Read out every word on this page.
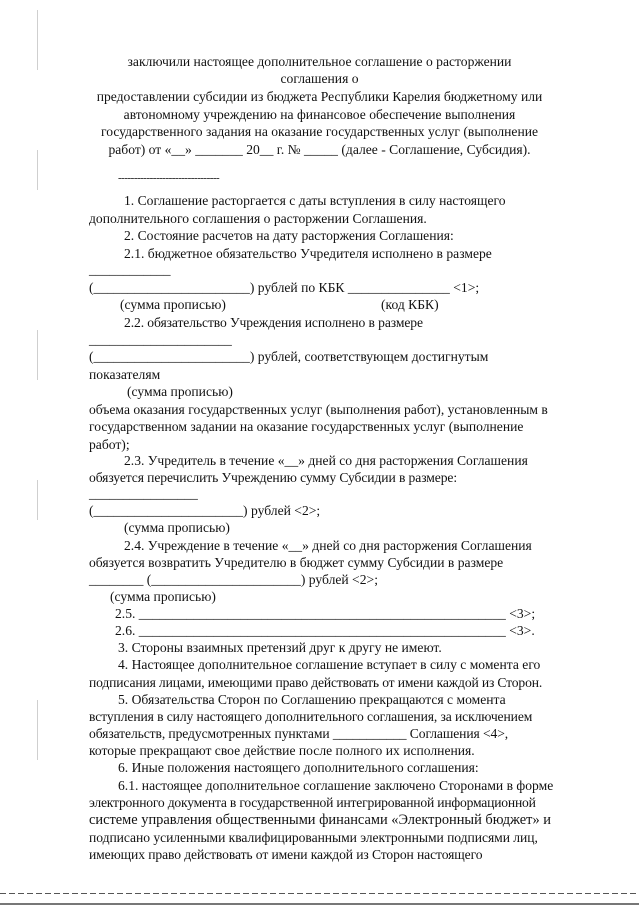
заключили настоящее дополнительное соглашение о расторжении
соглашения о
предоставлении субсидии из бюджета Республики Карелия бюджетному или
автономному учреждению на финансовое обеспечение выполнения
государственного задания на оказание государственных услуг (выполнение
работ) от «__» _______ 20__ г. № _____ (далее - Соглашение, Субсидия).
--------------------------------
1. Соглашение расторгается с даты вступления в силу настоящего
дополнительного соглашения о расторжении Соглашения.
2. Состояние расчетов на дату расторжения Соглашения:
2.1. бюджетное обязательство Учредителя исполнено в размере
____________
(_______________________) рублей по КБК _______________ <1>;
(сумма прописью)	(код КБК)
2.2. обязательство Учреждения исполнено в размере
_____________________
(_______________________) рублей, соответствующем достигнутым
показателям
(сумма прописью)
объема оказания государственных услуг (выполнения работ), установленным в
государственном задании на оказание государственных услуг (выполнение
работ);
2.3. Учредитель в течение «__» дней со дня расторжения Соглашения
обязуется перечислить Учреждению сумму Субсидии в размере:
________________
(______________________) рублей <2>;
(сумма прописью)
2.4. Учреждение в течение «__» дней со дня расторжения Соглашения
обязуется возвратить Учредителю в бюджет сумму Субсидии в размере
________ (______________________) рублей <2>;
(сумма прописью)
2.5. ______________________________________________________ <3>;
2.6. ______________________________________________________ <3>.
3. Стороны взаимных претензий друг к другу не имеют.
4. Настоящее дополнительное соглашение вступает в силу с момента его
подписания лицами, имеющими право действовать от имени каждой из Сторон.
5. Обязательства Сторон по Соглашению прекращаются с момента
вступления в силу настоящего дополнительного соглашения, за исключением
обязательств, предусмотренных пунктами ___________ Соглашения <4>,
которые прекращают свое действие после полного их исполнения.
6. Иные положения настоящего дополнительного соглашения:
6.1. настоящее дополнительное соглашение заключено Сторонами в форме
электронного документа в государственной интегрированной информационной
системе управления общественными финансами «Электронный бюджет» и
подписано усиленными квалифицированными электронными подписями лиц,
имеющих право действовать от имени каждой из Сторон настоящего
